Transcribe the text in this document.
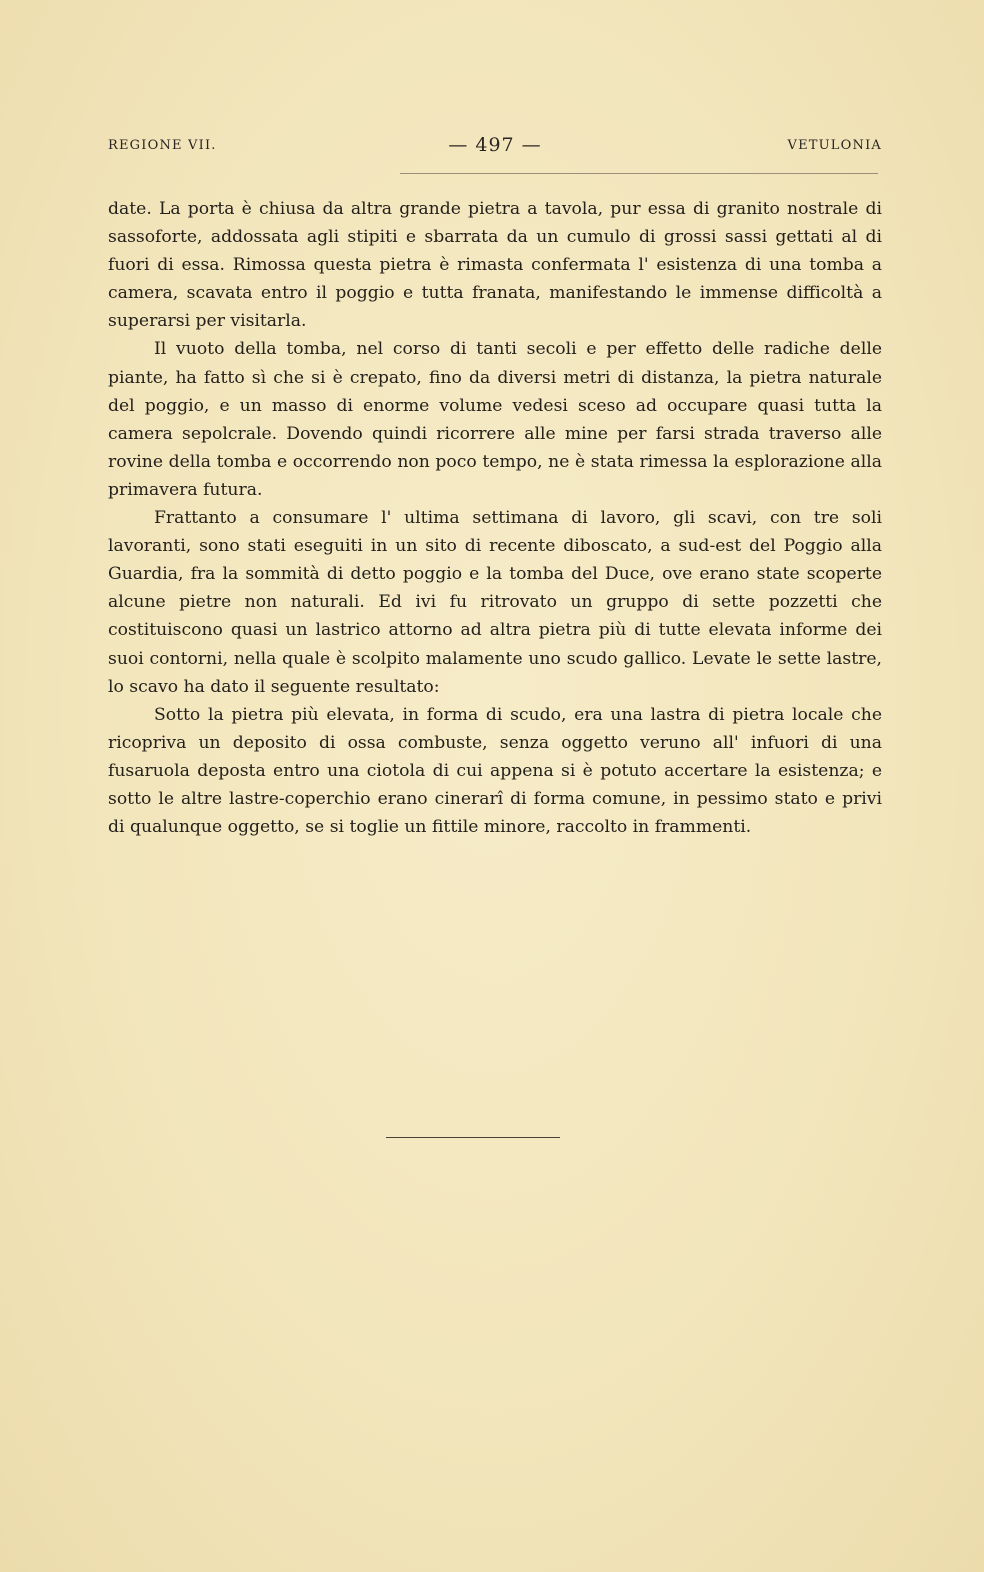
REGIONE VII.	— 497 —	VETULONIA

date. La porta è chiusa da altra grande pietra a tavola, pur essa di granito nostrale di sassoforte, addossata agli stipiti e sbarrata da un cumulo di grossi sassi gettati al di fuori di essa. Rimossa questa pietra è rimasta confermata l' esistenza di una tomba a camera, scavata entro il poggio e tutta franata, manifestando le immense difficoltà a superarsi per visitarla.

Il vuoto della tomba, nel corso di tanti secoli e per effetto delle radiche delle piante, ha fatto sì che si è crepato, fino da diversi metri di distanza, la pietra naturale del poggio, e un masso di enorme volume vedesi sceso ad occupare quasi tutta la camera sepolcrale. Dovendo quindi ricorrere alle mine per farsi strada traverso alle rovine della tomba e occorrendo non poco tempo, ne è stata rimessa la esplorazione alla primavera futura.

Frattanto a consumare l' ultima settimana di lavoro, gli scavi, con tre soli lavoranti, sono stati eseguiti in un sito di recente diboscato, a sud-est del Poggio alla Guardia, fra la sommità di detto poggio e la tomba del Duce, ove erano state scoperte alcune pietre non naturali. Ed ivi fu ritrovato un gruppo di sette pozzetti che costituiscono quasi un lastrico attorno ad altra pietra più di tutte elevata informe dei suoi contorni, nella quale è scolpito malamente uno scudo gallico. Levate le sette lastre, lo scavo ha dato il seguente resultato:

Sotto la pietra più elevata, in forma di scudo, era una lastra di pietra locale che ricopriva un deposito di ossa combuste, senza oggetto veruno all' infuori di una fusaruola deposta entro una ciotola di cui appena si è potuto accertare la esistenza; e sotto le altre lastre-coperchio erano cinerarî di forma comune, in pessimo stato e privi di qualunque oggetto, se si toglie un fittile minore, raccolto in frammenti.
